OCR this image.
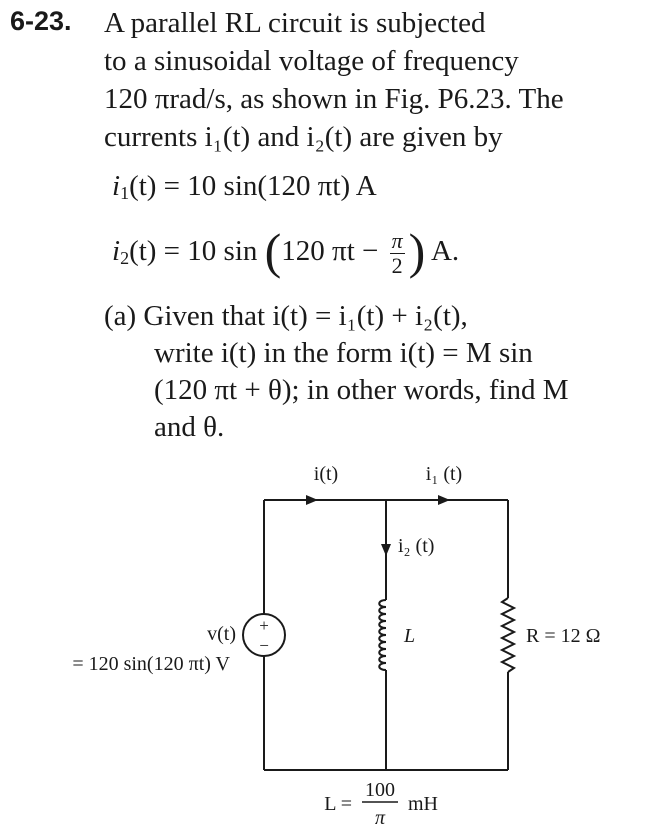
6-23. A parallel RL circuit is subjected
to a sinusoidal voltage of frequency
120 πrad/s, as shown in Fig. P6.23. The
currents i₁(t) and i₂(t) are given by
$i_1(t) = 10$ sin(120 πt) A
$i_2(t) = 10$ sin (120 $\pi t - \frac{\pi}{2}$ ) A.
(a) Given that i(t) = i₁(t) + i₂(t),
write i(t) in the form i(t) = M sin
(120 πt + θ); in other words, find M
and θ.
+
−
i(t)	i₁ (t)
i₂ (t)
v(t)
= 120 sin(120 πt) V
L	R = 12 Ω
L =
100
π
mH
